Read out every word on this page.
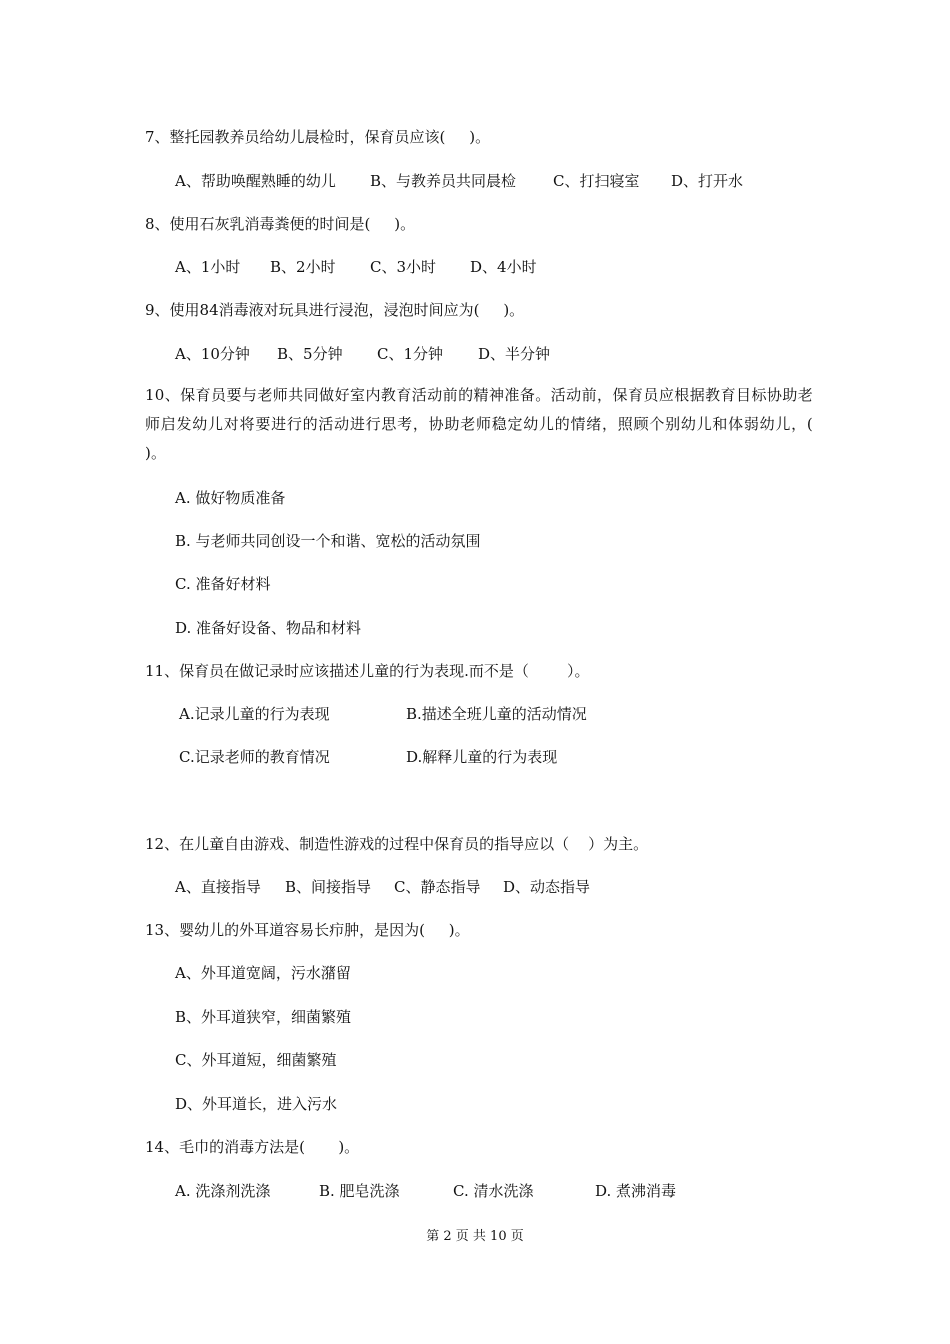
7、整托园教养员给幼儿晨检时，保育员应该(     )。

A、帮助唤醒熟睡的幼儿

B、与教养员共同晨检

C、打扫寝室

D、打开水

8、使用石灰乳消毒粪便的时间是(     )。

A、1小时

B、2小时

C、3小时

D、4小时

9、使用84消毒液对玩具进行浸泡，浸泡时间应为(     )。

A、10分钟

B、5分钟

C、1分钟

D、半分钟

10、保育员要与老师共同做好室内教育活动前的精神准备。活动前，保育员应根据教育目标协助老师启发幼儿对将要进行的活动进行思考，协助老师稳定幼儿的情绪，照顾个别幼儿和体弱幼儿，( )。
A. 做好物质准备
B. 与老师共同创设一个和谐、宽松的活动氛围
C. 准备好材料
D. 准备好设备、物品和材料
11、保育员在做记录时应该描述儿童的行为表现.而不是（        ）。

A.记录儿童的行为表现

	B.描述全班儿童的活动情况

C.记录老师的教育情况

	D.解释儿童的行为表现

12、在儿童自由游戏、制造性游戏的过程中保育员的指导应以（    ）为主。

A、直接指导

B、间接指导

C、静态指导

D、动态指导

13、婴幼儿的外耳道容易长疖肿，是因为(     )。
A、外耳道宽阔，污水潴留
B、外耳道狭窄，细菌繁殖
C、外耳道短，细菌繁殖
D、外耳道长，进入污水
14、毛巾的消毒方法是(       )。

A. 洗涤剂洗涤

	B. 肥皂洗涤

	C. 清水洗涤

	D. 煮沸消毒

第 2 页 共 10 页
